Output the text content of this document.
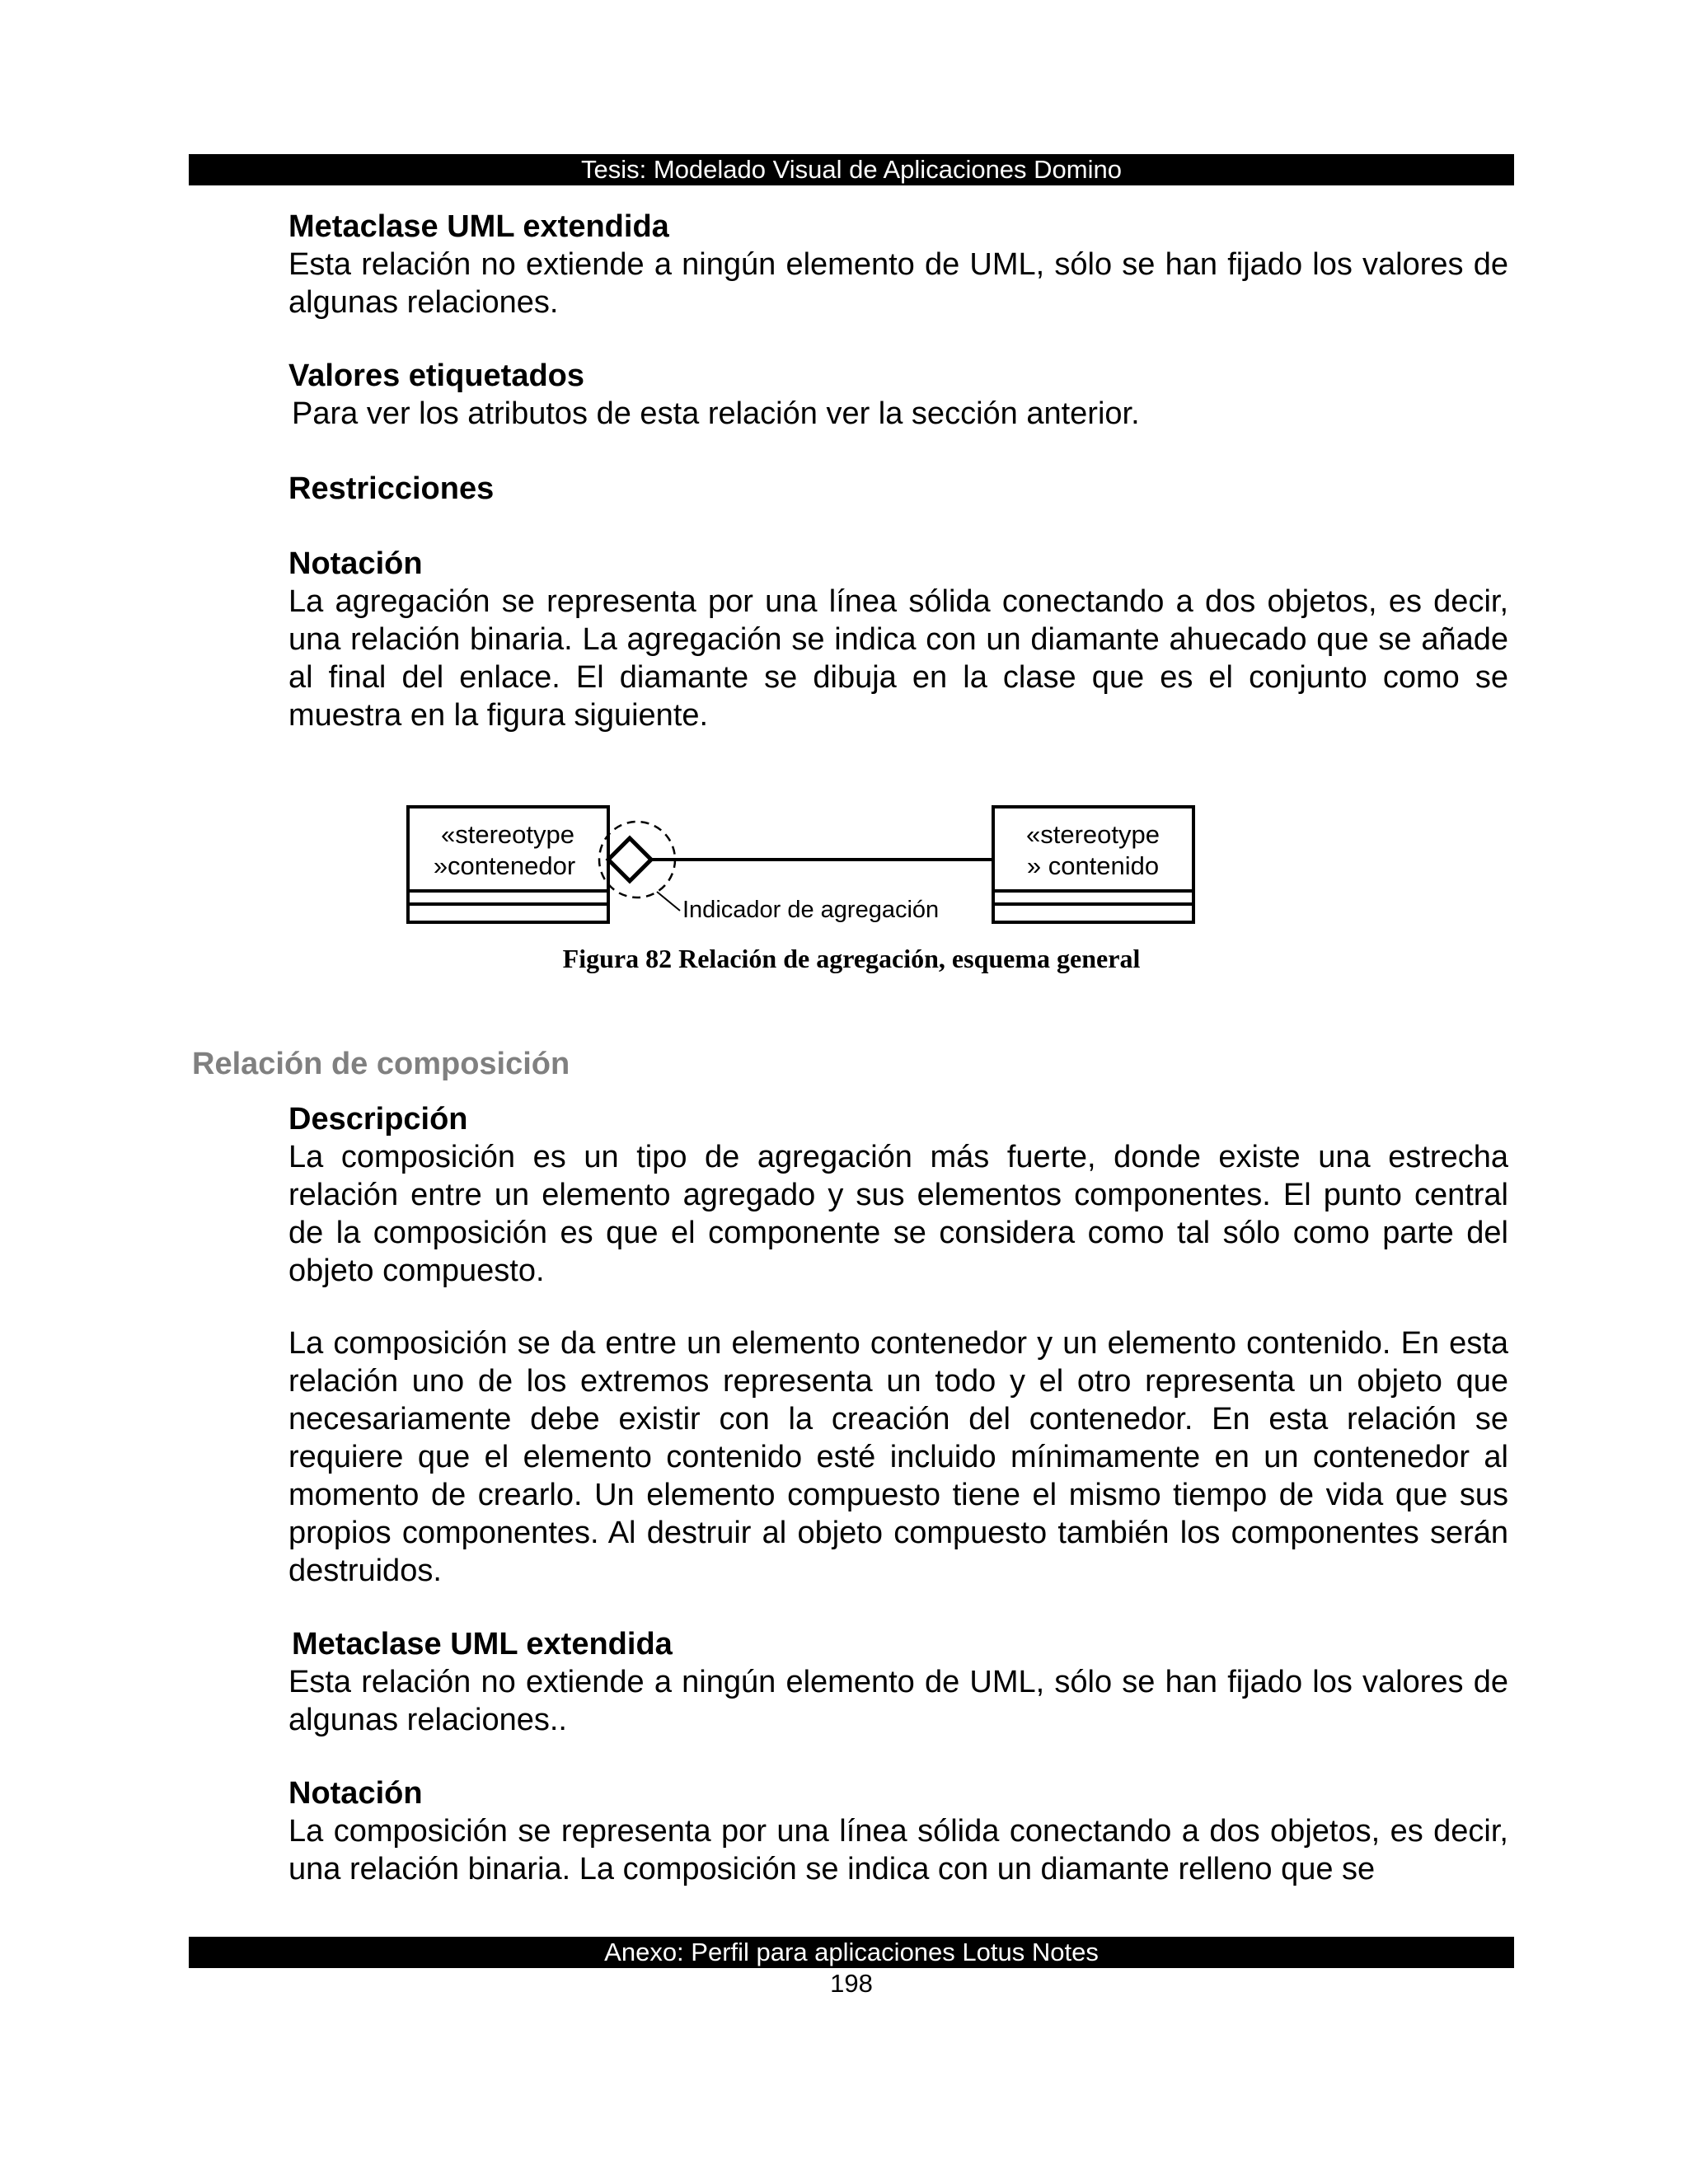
Tesis: Modelado Visual de Aplicaciones Domino

Metaclase UML extendida

Esta relación no extiende a ningún elemento de UML, sólo se han fijado los valores de algunas relaciones.

Valores etiquetados

Para ver los atributos de esta relación ver la sección anterior.

Restricciones

Notación

La agregación se representa por una línea sólida conectando a dos objetos, es decir, una relación binaria. La agregación se indica con un diamante ahuecado que se añade al final del enlace. El diamante se dibuja en la clase que es el conjunto como se muestra en la figura siguiente.

«stereotype
»contenedor
Indicador de agregación
«stereotype
» contenido
Figura 82 Relación de agregación, esquema general
Relación de composición

Descripción

La composición es un tipo de agregación más fuerte, donde existe una estrecha relación entre un elemento agregado y sus elementos componentes. El punto central de la composición es que el componente se considera como tal sólo como parte del objeto compuesto.

La composición se da entre un elemento contenedor y un elemento contenido. En esta relación uno de los extremos representa un todo y el otro representa un objeto que necesariamente debe existir con la creación del contenedor. En esta relación se requiere que el elemento contenido esté incluido mínimamente en un contenedor al momento de crearlo. Un elemento compuesto tiene el mismo tiempo de vida que sus propios componentes. Al destruir al objeto compuesto también los componentes serán destruidos.

Metaclase UML extendida

Esta relación no extiende a ningún elemento de UML, sólo se han fijado los valores de algunas relaciones..

Notación

La composición se representa por una línea sólida conectando a dos objetos, es decir, una relación binaria. La composición se indica con un diamante relleno que se

Anexo: Perfil para aplicaciones Lotus Notes
198
